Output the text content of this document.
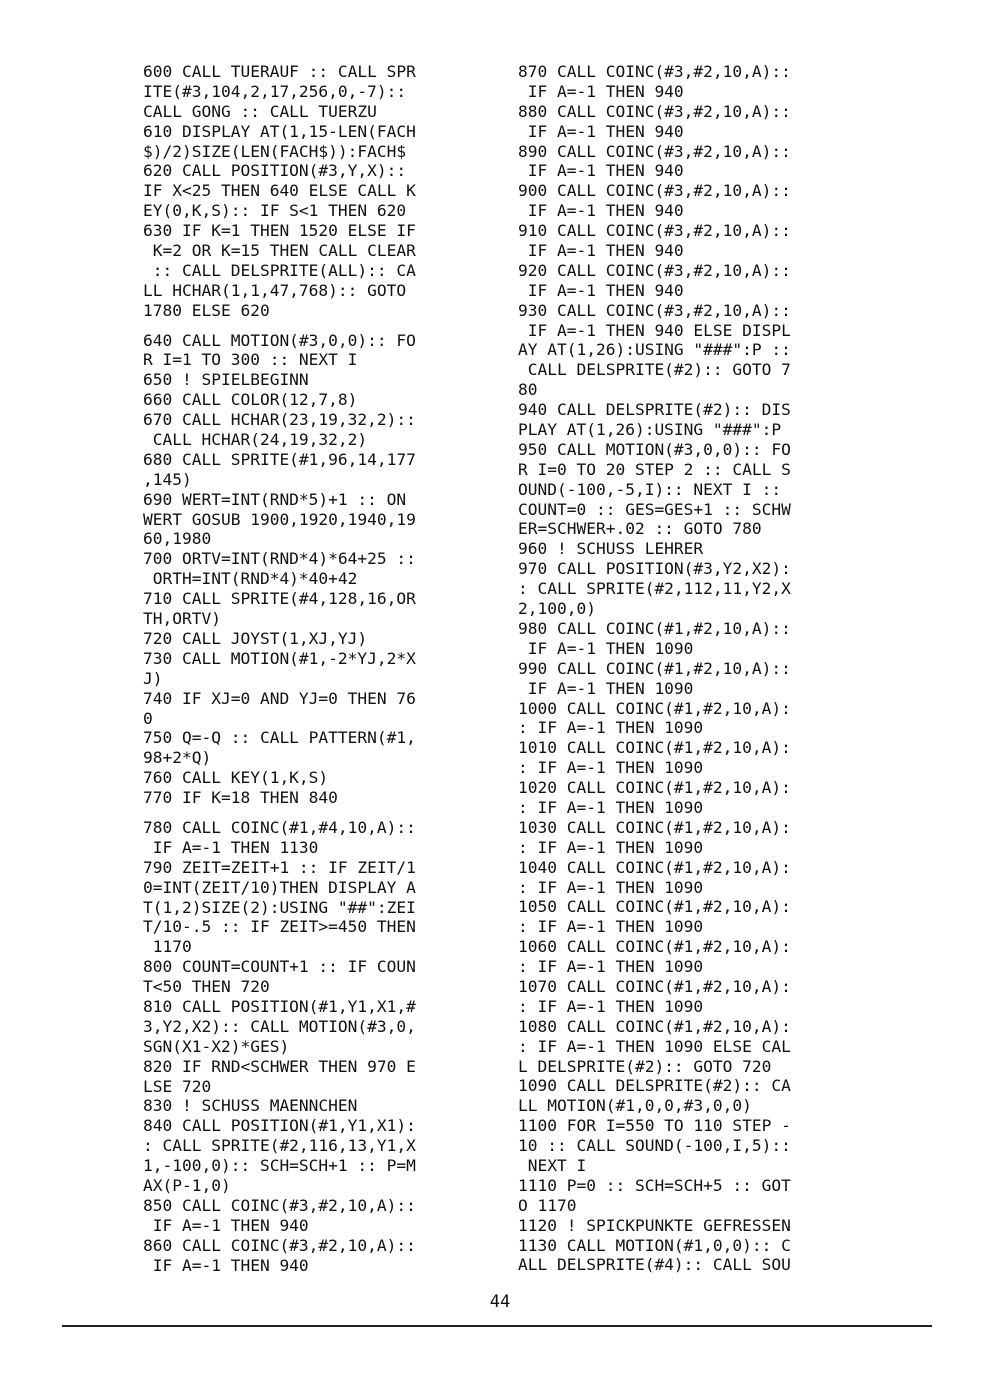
600 CALL TUERAUF :: CALL SPR
ITE(#3,104,2,17,256,0,-7)::
CALL GONG :: CALL TUERZU
610 DISPLAY AT(1,15-LEN(FACH
$)/2)SIZE(LEN(FACH$)):FACH$
620 CALL POSITION(#3,Y,X)::
IF X<25 THEN 640 ELSE CALL K
EY(0,K,S):: IF S<1 THEN 620
630 IF K=1 THEN 1520 ELSE IF
K=2 OR K=15 THEN CALL CLEAR
:: CALL DELSPRITE(ALL):: CA
LL HCHAR(1,1,47,768):: GOTO
1780 ELSE 620
640 CALL MOTION(#3,0,0):: FO
R I=1 TO 300 :: NEXT I
650 ! SPIELBEGINN
660 CALL COLOR(12,7,8)
670 CALL HCHAR(23,19,32,2)::
CALL HCHAR(24,19,32,2)
680 CALL SPRITE(#1,96,14,177
,145)
690 WERT=INT(RND*5)+1 :: ON
WERT GOSUB 1900,1920,1940,19
60,1980
700 ORTV=INT(RND*4)*64+25 ::
ORTH=INT(RND*4)*40+42
710 CALL SPRITE(#4,128,16,OR
TH,ORTV)
720 CALL JOYST(1,XJ,YJ)
730 CALL MOTION(#1,-2*YJ,2*X
J)
740 IF XJ=0 AND YJ=0 THEN 76
0
750 Q=-Q :: CALL PATTERN(#1,
98+2*Q)
760 CALL KEY(1,K,S)
770 IF K=18 THEN 840
780 CALL COINC(#1,#4,10,A)::
IF A=-1 THEN 1130
790 ZEIT=ZEIT+1 :: IF ZEIT/1
0=INT(ZEIT/10)THEN DISPLAY A
T(1,2)SIZE(2):USING "##":ZEI
T/10-.5 :: IF ZEIT>=450 THEN
1170
800 COUNT=COUNT+1 :: IF COUN
T<50 THEN 720
810 CALL POSITION(#1,Y1,X1,#
3,Y2,X2):: CALL MOTION(#3,0,
SGN(X1-X2)*GES)
820 IF RND<SCHWER THEN 970 E
LSE 720
830 ! SCHUSS MAENNCHEN
840 CALL POSITION(#1,Y1,X1):
: CALL SPRITE(#2,116,13,Y1,X
1,-100,0):: SCH=SCH+1 :: P=M
AX(P-1,0)
850 CALL COINC(#3,#2,10,A)::
IF A=-1 THEN 940
860 CALL COINC(#3,#2,10,A)::
IF A=-1 THEN 940
870 CALL COINC(#3,#2,10,A)::
IF A=-1 THEN 940
880 CALL COINC(#3,#2,10,A)::
IF A=-1 THEN 940
890 CALL COINC(#3,#2,10,A)::
IF A=-1 THEN 940
900 CALL COINC(#3,#2,10,A)::
IF A=-1 THEN 940
910 CALL COINC(#3,#2,10,A)::
IF A=-1 THEN 940
920 CALL COINC(#3,#2,10,A)::
IF A=-1 THEN 940
930 CALL COINC(#3,#2,10,A)::
IF A=-1 THEN 940 ELSE DISPL
AY AT(1,26):USING "###":P ::
CALL DELSPRITE(#2):: GOTO 7
80
940 CALL DELSPRITE(#2):: DIS
PLAY AT(1,26):USING "###":P
950 CALL MOTION(#3,0,0):: FO
R I=0 TO 20 STEP 2 :: CALL S
OUND(-100,-5,I):: NEXT I ::
COUNT=0 :: GES=GES+1 :: SCHW
ER=SCHWER+.02 :: GOTO 780
960 ! SCHUSS LEHRER
970 CALL POSITION(#3,Y2,X2):
: CALL SPRITE(#2,112,11,Y2,X
2,100,0)
980 CALL COINC(#1,#2,10,A)::
IF A=-1 THEN 1090
990 CALL COINC(#1,#2,10,A)::
IF A=-1 THEN 1090
1000 CALL COINC(#1,#2,10,A):
: IF A=-1 THEN 1090
1010 CALL COINC(#1,#2,10,A):
: IF A=-1 THEN 1090
1020 CALL COINC(#1,#2,10,A):
: IF A=-1 THEN 1090
1030 CALL COINC(#1,#2,10,A):
: IF A=-1 THEN 1090
1040 CALL COINC(#1,#2,10,A):
: IF A=-1 THEN 1090
1050 CALL COINC(#1,#2,10,A):
: IF A=-1 THEN 1090
1060 CALL COINC(#1,#2,10,A):
: IF A=-1 THEN 1090
1070 CALL COINC(#1,#2,10,A):
: IF A=-1 THEN 1090
1080 CALL COINC(#1,#2,10,A):
: IF A=-1 THEN 1090 ELSE CAL
L DELSPRITE(#2):: GOTO 720
1090 CALL DELSPRITE(#2):: CA
LL MOTION(#1,0,0,#3,0,0)
1100 FOR I=550 TO 110 STEP -
10 :: CALL SOUND(-100,I,5)::
NEXT I
1110 P=0 :: SCH=SCH+5 :: GOT
O 1170
1120 ! SPICKPUNKTE GEFRESSEN
1130 CALL MOTION(#1,0,0):: C
ALL DELSPRITE(#4):: CALL SOU
44
